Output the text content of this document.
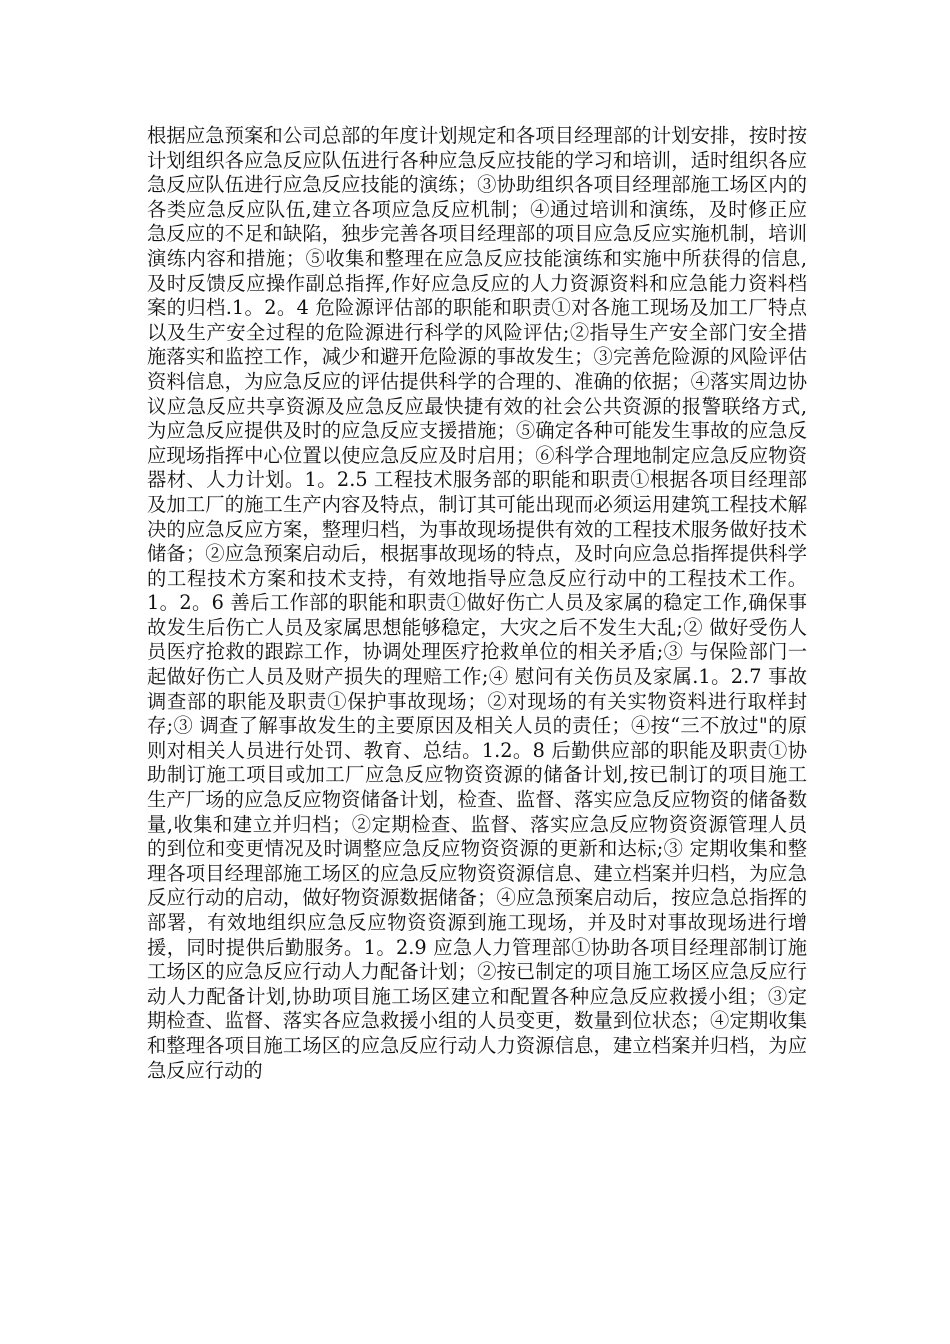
根据应急预案和公司总部的年度计划规定和各项目经理部的计划安排，按时按计划组织各应急反应队伍进行各种应急反应技能的学习和培训，适时组织各应急反应队伍进行应急反应技能的演练；③协助组织各项目经理部施工场区内的各类应急反应队伍,建立各项应急反应机制；④通过培训和演练，及时修正应急反应的不足和缺陷，独步完善各项目经理部的项目应急反应实施机制，培训演练内容和措施；⑤收集和整理在应急反应技能演练和实施中所获得的信息,及时反馈反应操作副总指挥,作好应急反应的人力资源资料和应急能力资料档案的归档.1。2。4 危险源评估部的职能和职责①对各施工现场及加工厂特点以及生产安全过程的危险源进行科学的风险评估;②指导生产安全部门安全措施落实和监控工作，减少和避开危险源的事故发生；③完善危险源的风险评估资料信息，为应急反应的评估提供科学的合理的、准确的依据；④落实周边协议应急反应共享资源及应急反应最快捷有效的社会公共资源的报警联络方式,为应急反应提供及时的应急反应支援措施；⑤确定各种可能发生事故的应急反应现场指挥中心位置以使应急反应及时启用；⑥科学合理地制定应急反应物资器材、人力计划。1。2.5 工程技术服务部的职能和职责①根据各项目经理部及加工厂的施工生产内容及特点，制订其可能出现而必须运用建筑工程技术解决的应急反应方案，整理归档，为事故现场提供有效的工程技术服务做好技术储备；②应急预案启动后，根据事故现场的特点，及时向应急总指挥提供科学的工程技术方案和技术支持，有效地指导应急反应行动中的工程技术工作。1。2。6 善后工作部的职能和职责①做好伤亡人员及家属的稳定工作,确保事故发生后伤亡人员及家属思想能够稳定，大灾之后不发生大乱;② 做好受伤人员医疗抢救的跟踪工作，协调处理医疗抢救单位的相关矛盾;③ 与保险部门一起做好伤亡人员及财产损失的理赔工作;④ 慰问有关伤员及家属.1。2.7 事故调查部的职能及职责①保护事故现场；②对现场的有关实物资料进行取样封存;③ 调查了解事故发生的主要原因及相关人员的责任；④按“三不放过"的原则对相关人员进行处罚、教育、总结。1.2。8 后勤供应部的职能及职责①协助制订施工项目或加工厂应急反应物资资源的储备计划,按已制订的项目施工生产厂场的应急反应物资储备计划，检查、监督、落实应急反应物资的储备数量,收集和建立并归档；②定期检查、监督、落实应急反应物资资源管理人员的到位和变更情况及时调整应急反应物资资源的更新和达标;③ 定期收集和整理各项目经理部施工场区的应急反应物资资源信息、建立档案并归档，为应急反应行动的启动，做好物资源数据储备；④应急预案启动后，按应急总指挥的部署，有效地组织应急反应物资资源到施工现场，并及时对事故现场进行增援，同时提供后勤服务。1。2.9 应急人力管理部①协助各项目经理部制订施工场区的应急反应行动人力配备计划；②按已制定的项目施工场区应急反应行动人力配备计划,协助项目施工场区建立和配置各种应急反应救援小组；③定期检查、监督、落实各应急救援小组的人员变更，数量到位状态；④定期收集和整理各项目施工场区的应急反应行动人力资源信息，建立档案并归档，为应急反应行动的
